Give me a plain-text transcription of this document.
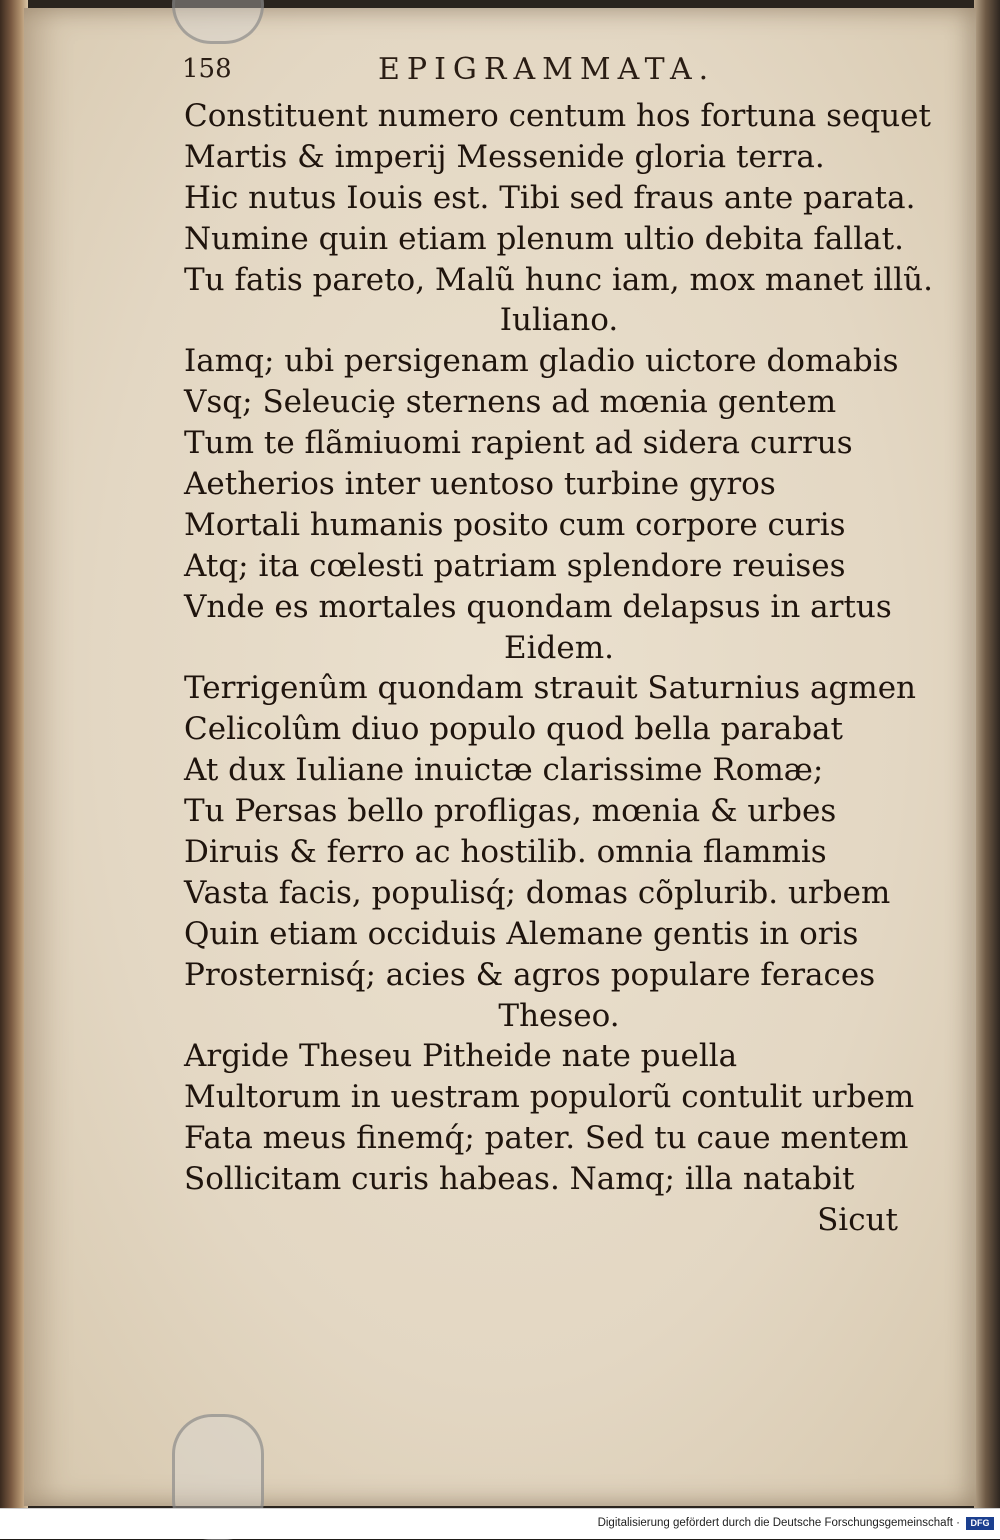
158	EPIGRAMMATA.
Constituent numero centum hos fortuna sequet
Martis & imperij Messenide gloria terra.
Hic nutus Iouis est. Tibi sed fraus ante parata.
Numine quin etiam plenum ultio debita fallat.
Tu fatis pareto, Malũ hunc iam, mox manet illũ.
Iuliano.
Iamq; ubi persigenam gladio uictore domabis
Vsq; Seleuciȩ sternens ad mœnia gentem
Tum te flãmiuomi rapient ad sidera currus
Aetherios inter uentoso turbine gyros
Mortali humanis posito cum corpore curis
Atq; ita cœlesti patriam splendore reuises
Vnde es mortales quondam delapsus in artus
Eidem.
Terrigenûm quondam strauit Saturnius agmen
Celicolûm diuo populo quod bella parabat
At dux Iuliane inuictæ clarissime Romæ;
Tu Persas bello profligas, mœnia & urbes
Diruis & ferro ac hostilib. omnia flammis
Vasta facis, populisq́; domas cõplurib. urbem
Quin etiam occiduis Alemane gentis in oris
Prosternisq́; acies & agros populare feraces
Theseo.
Argide Theseu Pitheide nate puella
Multorum in uestram populorũ contulit urbem
Fata meus finemq́; pater. Sed tu caue mentem
Sollicitam curis habeas. Namq; illa natabit
Sicut
Digitalisierung gefördert durch die Deutsche Forschungsgemeinschaft ·	DFG
